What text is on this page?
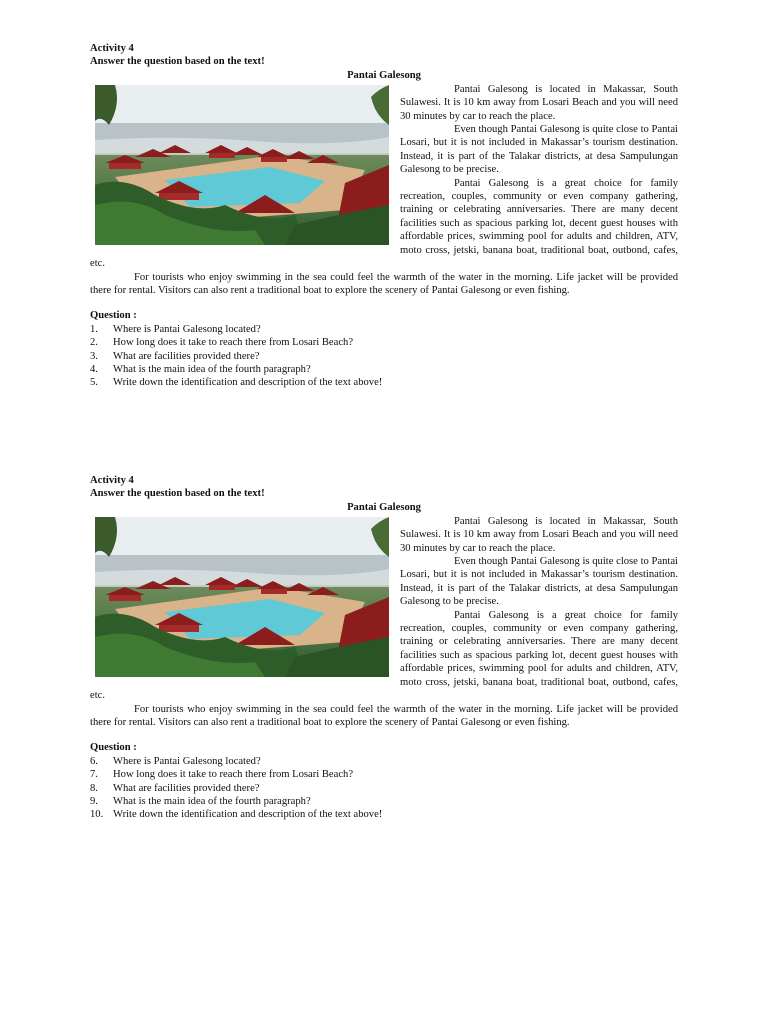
Activity 4

Answer the question based on the text!

Pantai Galesong

Pantai Galesong is located in Makassar, South Sulawesi. It is 10 km away from Losari Beach and you will need 30 minutes by car to reach the place.

Even though Pantai Galesong is quite close to Pantai Losari, but it is not included in Makassar’s tourism destination. Instead, it is part of the Talakar districts, at desa Sampulungan Galesong to be precise.

Pantai Galesong is a great choice for family recreation, couples, community or even company gathering, training or celebrating anniversaries. There are many decent facilities such as spacious parking lot, decent guest houses with affordable prices, swimming pool for adults and children, ATV, moto cross, jetski, banana boat, traditional boat, outbond, cafes, etc.

For tourists who enjoy swimming in the sea could feel the warmth of the water in the morning. Life jacket will be provided there for rental. Visitors can also rent a traditional boat to explore the scenery of Pantai Galesong or even fishing.

Question :

1.	Where is Pantai Galesong located?
2.	How long does it take to reach there from Losari Beach?
3.	What are facilities provided there?
4.	What is the main idea of the fourth paragraph?
5.	Write down the identification and description of the text above!

Activity 4

Answer the question based on the text!

Pantai Galesong

Pantai Galesong is located in Makassar, South Sulawesi. It is 10 km away from Losari Beach and you will need 30 minutes by car to reach the place.

Even though Pantai Galesong is quite close to Pantai Losari, but it is not included in Makassar’s tourism destination. Instead, it is part of the Talakar districts, at desa Sampulungan Galesong to be precise.

Pantai Galesong is a great choice for family recreation, couples, community or even company gathering, training or celebrating anniversaries. There are many decent facilities such as spacious parking lot, decent guest houses with affordable prices, swimming pool for adults and children, ATV, moto cross, jetski, banana boat, traditional boat, outbond, cafes, etc.

For tourists who enjoy swimming in the sea could feel the warmth of the water in the morning. Life jacket will be provided there for rental. Visitors can also rent a traditional boat to explore the scenery of Pantai Galesong or even fishing.

Question :

6.	Where is Pantai Galesong located?
7.	How long does it take to reach there from Losari Beach?
8.	What are facilities provided there?
9.	What is the main idea of the fourth paragraph?
10. Write down the identification and description of the text above!
